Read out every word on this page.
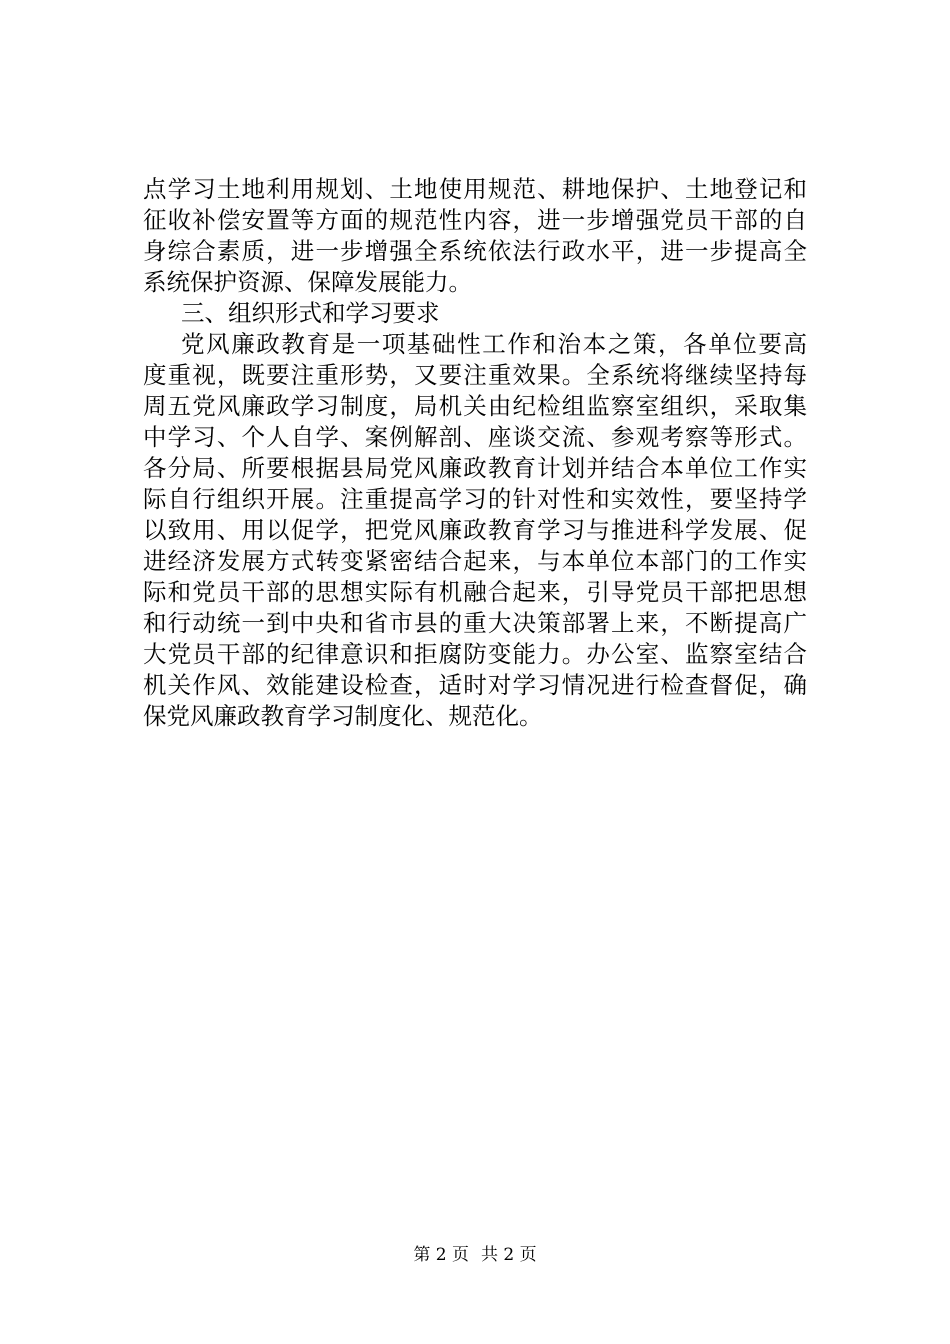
点学习土地利用规划、土地使用规范、耕地保护、土地登记和
征收补偿安置等方面的规范性内容，进一步增强党员干部的自
身综合素质，进一步增强全系统依法行政水平，进一步提高全
系统保护资源、保障发展能力。
三、组织形式和学习要求
党风廉政教育是一项基础性工作和治本之策，各单位要高
度重视，既要注重形势，又要注重效果。全系统将继续坚持每
周五党风廉政学习制度，局机关由纪检组监察室组织，采取集
中学习、个人自学、案例解剖、座谈交流、参观考察等形式。
各分局、所要根据县局党风廉政教育计划并结合本单位工作实
际自行组织开展。注重提高学习的针对性和实效性，要坚持学
以致用、用以促学，把党风廉政教育学习与推进科学发展、促
进经济发展方式转变紧密结合起来，与本单位本部门的工作实
际和党员干部的思想实际有机融合起来，引导党员干部把思想
和行动统一到中央和省市县的重大决策部署上来，不断提高广
大党员干部的纪律意识和拒腐防变能力。办公室、监察室结合
机关作风、效能建设检查，适时对学习情况进行检查督促，确
保党风廉政教育学习制度化、规范化。
第 2 页 共 2 页
